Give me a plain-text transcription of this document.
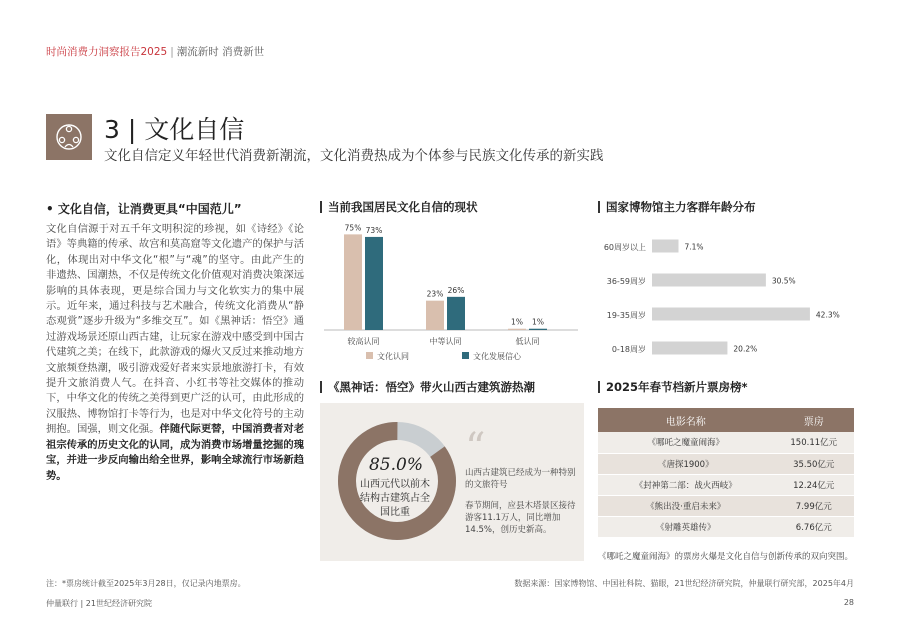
时尚消费力洞察报告2025 | 潮流新时 消费新世
3 | 文化自信
文化自信定义年轻世代消费新潮流，文化消费热成为个体参与民族文化传承的新实践
• 文化自信，让消费更具“中国范儿”
文化自信源于对五千年文明积淀的珍视，如《诗经》《论语》等典籍的传承、故宫和莫高窟等文化遗产的保护与活化，体现出对中华文化“根”与“魂”的坚守。由此产生的非遗热、国潮热，不仅是传统文化价值观对消费决策深远影响的具体表现，更是综合国力与文化软实力的集中展示。近年来，通过科技与艺术融合，传统文化消费从“静态观赏”逐步升级为“多维交互”。如《黑神话：悟空》通过游戏场景还原山西古建，让玩家在游戏中感受到中国古代建筑之美；在线下，此款游戏的爆火又反过来推动地方文旅频登热潮，吸引游戏爱好者来实景地旅游打卡，有效提升文旅消费人气。在抖音、小红书等社交媒体的推动下，中华文化的传统之美得到更广泛的认可，由此形成的汉服热、博物馆打卡等行为，也是对中华文化符号的主动拥抱。国强，则文化强。伴随代际更替，中国消费者对老祖宗传承的历史文化的认同，成为消费市场增量挖掘的瑰宝，并进一步反向输出给全世界，影响全球流行市场新趋势。
当前我国居民文化自信的现状
75% 73%
较高认同
23% 26%
中等认同
1% 1%
低认同
文化认同	文化发展信心
国家博物馆主力客群年龄分布
60周岁以上	7.1%
36-59周岁	30.5%
19-35周岁	42.3%
0-18周岁	20.2%
《黑神话：悟空》带火山西古建筑游热潮
85.0%
山西元代以前木结构古建筑占全国比重
“
山西古建筑已经成为一种特别的文旅符号
春节期间，应县木塔景区接待游客11.1万人，同比增加14.5%，创历史新高。
2025年春节档新片票房榜*
电影名称	票房
《哪吒之魔童闹海》	150.11亿元
《唐探1900》	35.50亿元
《封神第二部：战火西岐》	12.24亿元
《熊出没·重启未来》	7.99亿元
《射雕英雄传》	6.76亿元
《哪吒之魔童闹海》的票房火爆是文化自信与创新传承的双向突围。
注：*票房统计截至2025年3月28日，仅记录内地票房。	数据来源：国家博物馆、中国社科院、猫眼，21世纪经济研究院，仲量联行研究部，2025年4月
仲量联行 | 21世纪经济研究院	28
